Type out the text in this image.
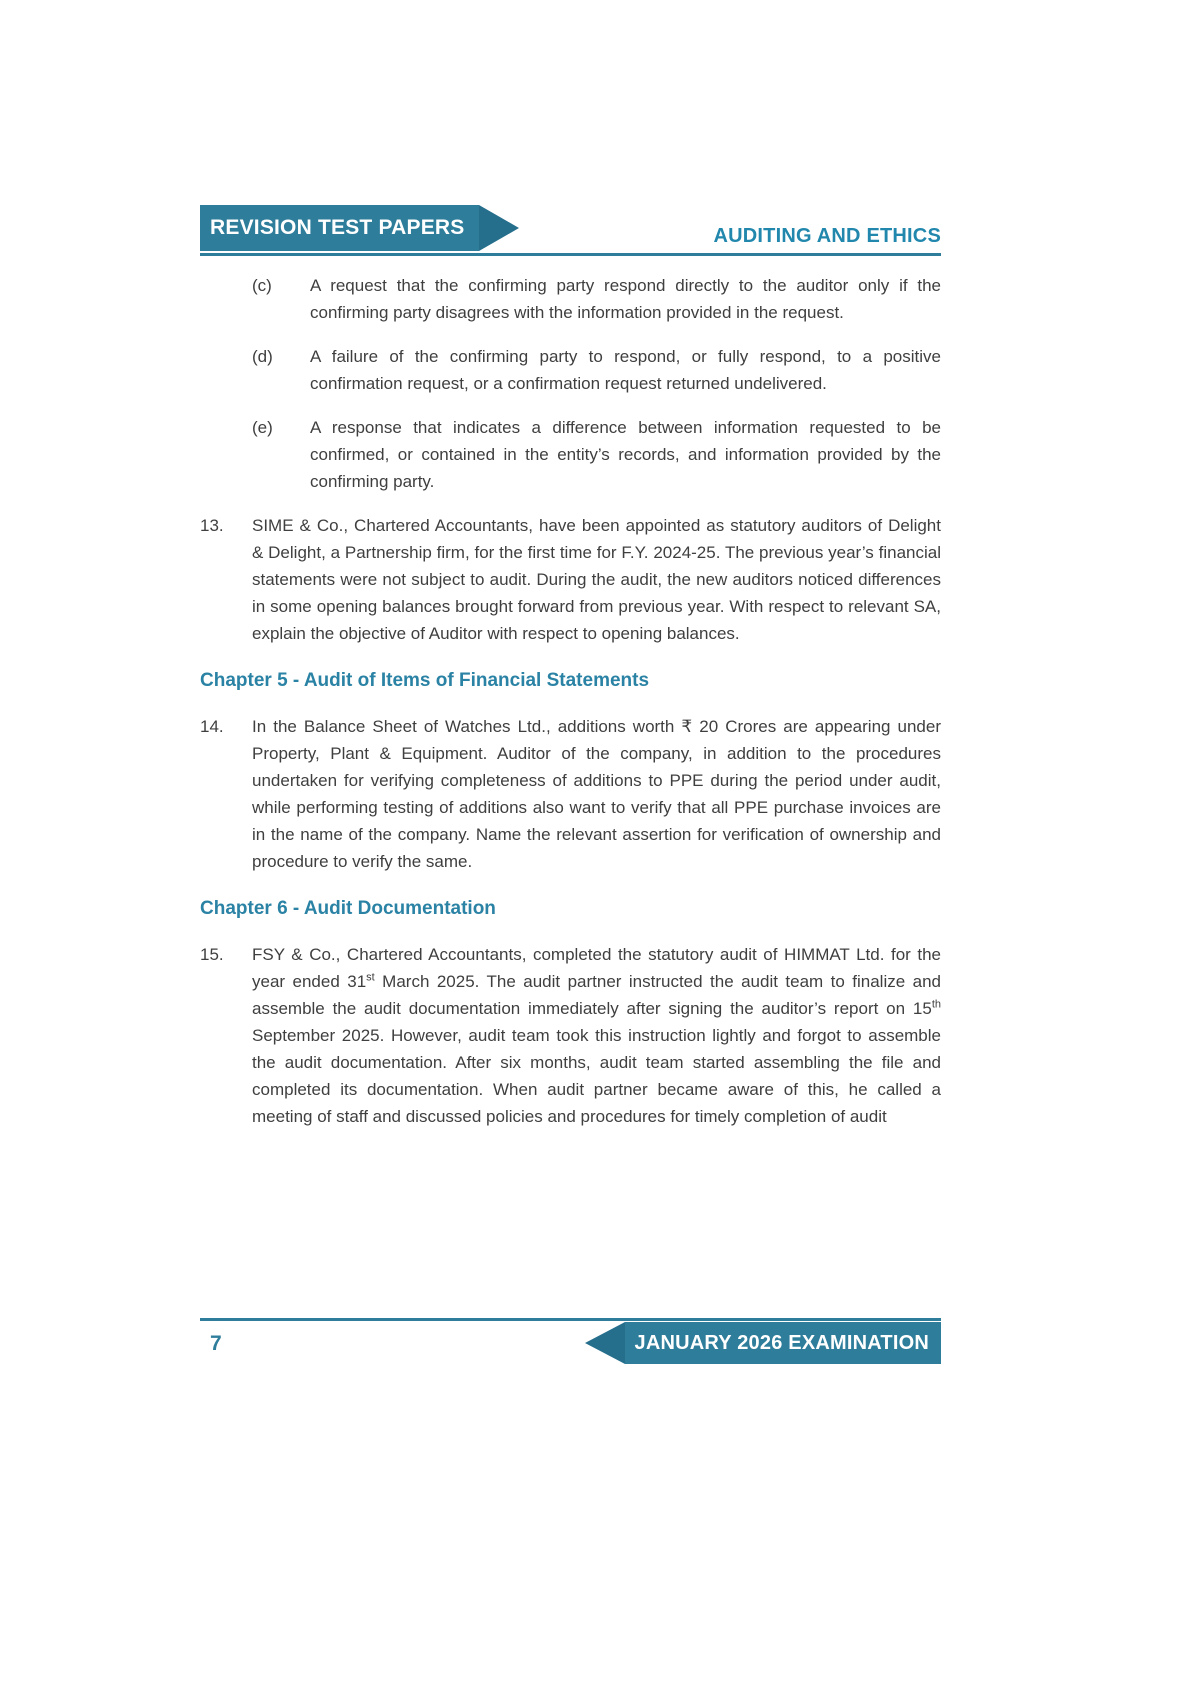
REVISION TEST PAPERS	AUDITING AND ETHICS
(c)	A request that the confirming party respond directly to the auditor only if the confirming party disagrees with the information provided in the request.

(d)	A failure of the confirming party to respond, or fully respond, to a positive confirmation request, or a confirmation request returned undelivered.

(e)	A response that indicates a difference between information requested to be confirmed, or contained in the entity’s records, and information provided by the confirming party.

13.	SIME & Co., Chartered Accountants, have been appointed as statutory auditors of Delight & Delight, a Partnership firm, for the first time for F.Y. 2024-25. The previous year’s financial statements were not subject to audit. During the audit, the new auditors noticed differences in some opening balances brought forward from previous year. With respect to relevant SA, explain the objective of Auditor with respect to opening balances.

Chapter 5 - Audit of Items of Financial Statements
14.	In the Balance Sheet of Watches Ltd., additions worth ₹ 20 Crores are appearing under Property, Plant & Equipment. Auditor of the company, in addition to the procedures undertaken for verifying completeness of additions to PPE during the period under audit, while performing testing of additions also want to verify that all PPE purchase invoices are in the name of the company. Name the relevant assertion for verification of ownership and procedure to verify the same.

Chapter 6 - Audit Documentation
15.	FSY & Co., Chartered Accountants, completed the statutory audit of HIMMAT Ltd. for the year ended 31st March 2025. The audit partner instructed the audit team to finalize and assemble the audit documentation immediately after signing the auditor’s report on 15th September 2025. However, audit team took this instruction lightly and forgot to assemble the audit documentation. After six months, audit team started assembling the file and completed its documentation. When audit partner became aware of this, he called a meeting of staff and discussed policies and procedures for timely completion of audit

7	JANUARY 2026 EXAMINATION
